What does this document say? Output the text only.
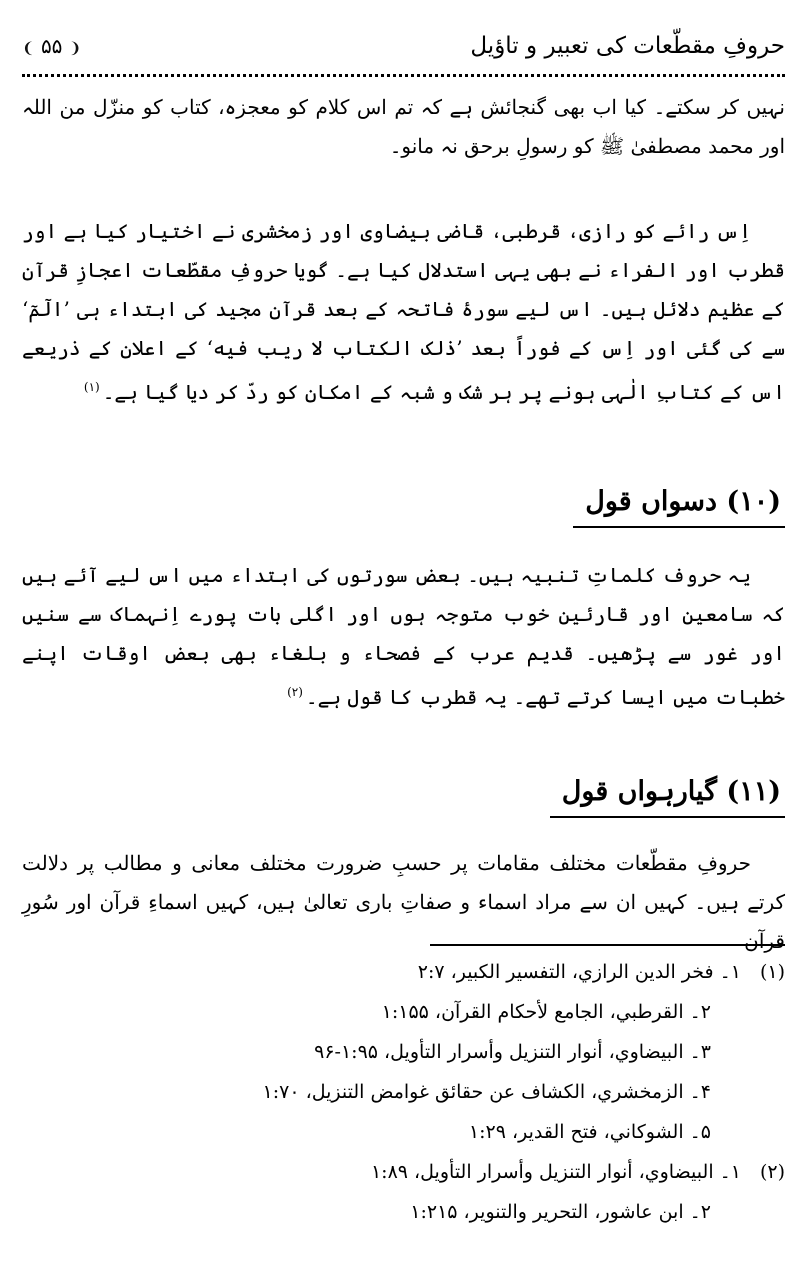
حروفِ مقطّعات کی تعبیر و تاؤیل
❨ ۵۵ ❩
نہیں کر سکتے۔ کیا اب بھی گنجائش ہے کہ تم اس کلام کو معجزہ، کتاب کو منزّل من اللہ اور محمد مصطفیٰ ﷺ کو رسولِ برحق نہ مانو۔
اِس رائے کو رازی، قرطبی، قاضی بیضاوی اور زمخشری نے اختیار کیا ہے اور قطرب اور الفراء نے بھی یہی استدلال کیا ہے۔ گویا حروفِ مقطّعات اعجازِ قرآن کے عظیم دلائل ہیں۔ اس لیے سورۂ فاتحہ کے بعد قرآن مجید کی ابتداء ہی ’الٓمٓ‘ سے کی گئی اور اِس کے فوراً بعد ’ذٰلک الکتاب لا ریب فیه‘ کے اعلان کے ذریعے اس کے کتابِ الٰہی ہونے پر ہر شک و شبہ کے امکان کو ردّ کر دیا گیا ہے۔$^{(۱)}$
(۱۰) دسواں قول
یہ حروف کلماتِ تنبیہ ہیں۔ بعض سورتوں کی ابتداء میں اس لیے آئے ہیں کہ سامعین اور قارئین خوب متوجہ ہوں اور اگلی بات پورے اِنہماک سے سنیں اور غور سے پڑھیں۔ قدیم عرب کے فصحاء و بلغاء بھی بعض اوقات اپنے خطبات میں ایسا کرتے تھے۔ یہ قطرب کا قول ہے۔$^{(۲)}$
(۱۱) گیارہواں قول
حروفِ مقطّعات مختلف مقامات پر حسبِ ضرورت مختلف معانی و مطالب پر دلالت کرتے ہیں۔ کہیں ان سے مراد اسماء و صفاتِ باری تعالیٰ ہیں، کہیں اسماءِ قرآن اور سُورِ قرآن
(۱)
۱۔ فخر الدين الرازي، التفسير الكبير، ۲:۷
۲۔ القرطبي، الجامع لأحكام القرآن، ۱:۱۵۵
۳۔ البيضاوي، أنوار التنزيل وأسرار التأويل، ۱:۹۵-۹۶
۴۔ الزمخشري، الكشاف عن حقائق غوامض التنزيل، ۱:۷۰
۵۔ الشوكاني، فتح القدير، ۱:۲۹
(۲)
۱۔ البيضاوي، أنوار التنزيل وأسرار التأويل، ۱:۸۹
۲۔ ابن عاشور، التحرير والتنوير، ۱:۲۱۵
